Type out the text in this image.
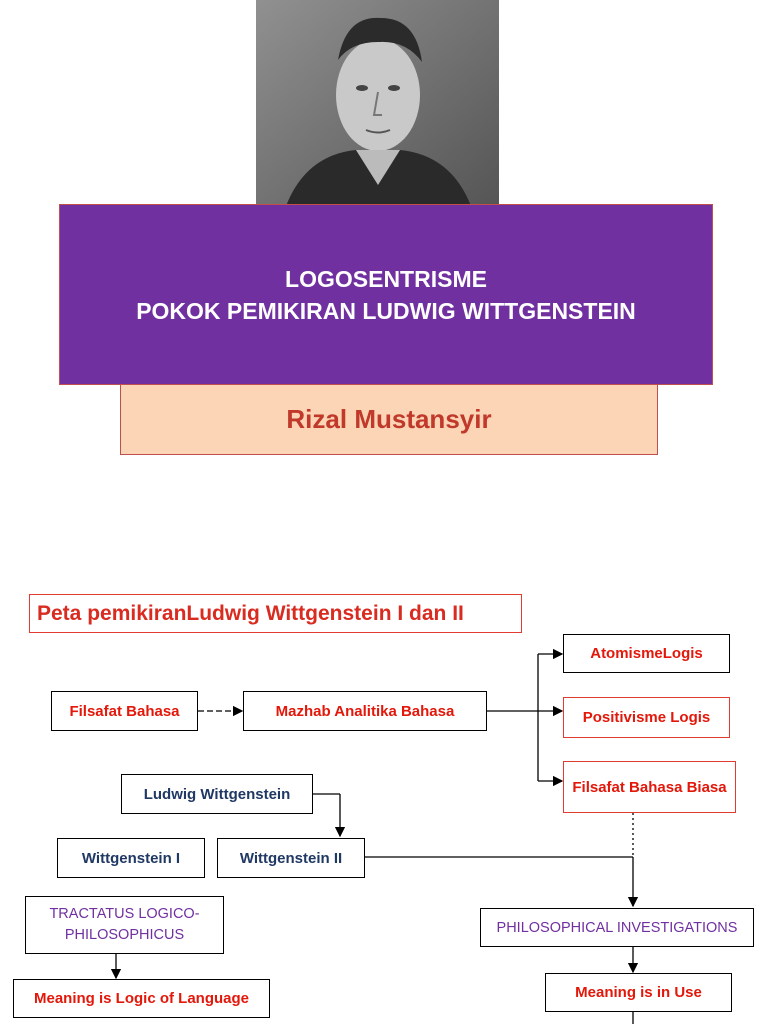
LOGOSENTRISME
POKOK PEMIKIRAN LUDWIG WITTGENSTEIN
Rizal Mustansyir
Peta pemikiranLudwig Wittgenstein I dan II
Filsafat Bahasa	Mazhab Analitika Bahasa
AtomismeLogis
Positivisme Logis
Filsafat Bahasa Biasa
Ludwig Wittgenstein
Wittgenstein I	Wittgenstein II
TRACTATUS LOGICO-PHILOSOPHICUS	PHILOSOPHICAL INVESTIGATIONS
Meaning is Logic of Language	Meaning is in Use
